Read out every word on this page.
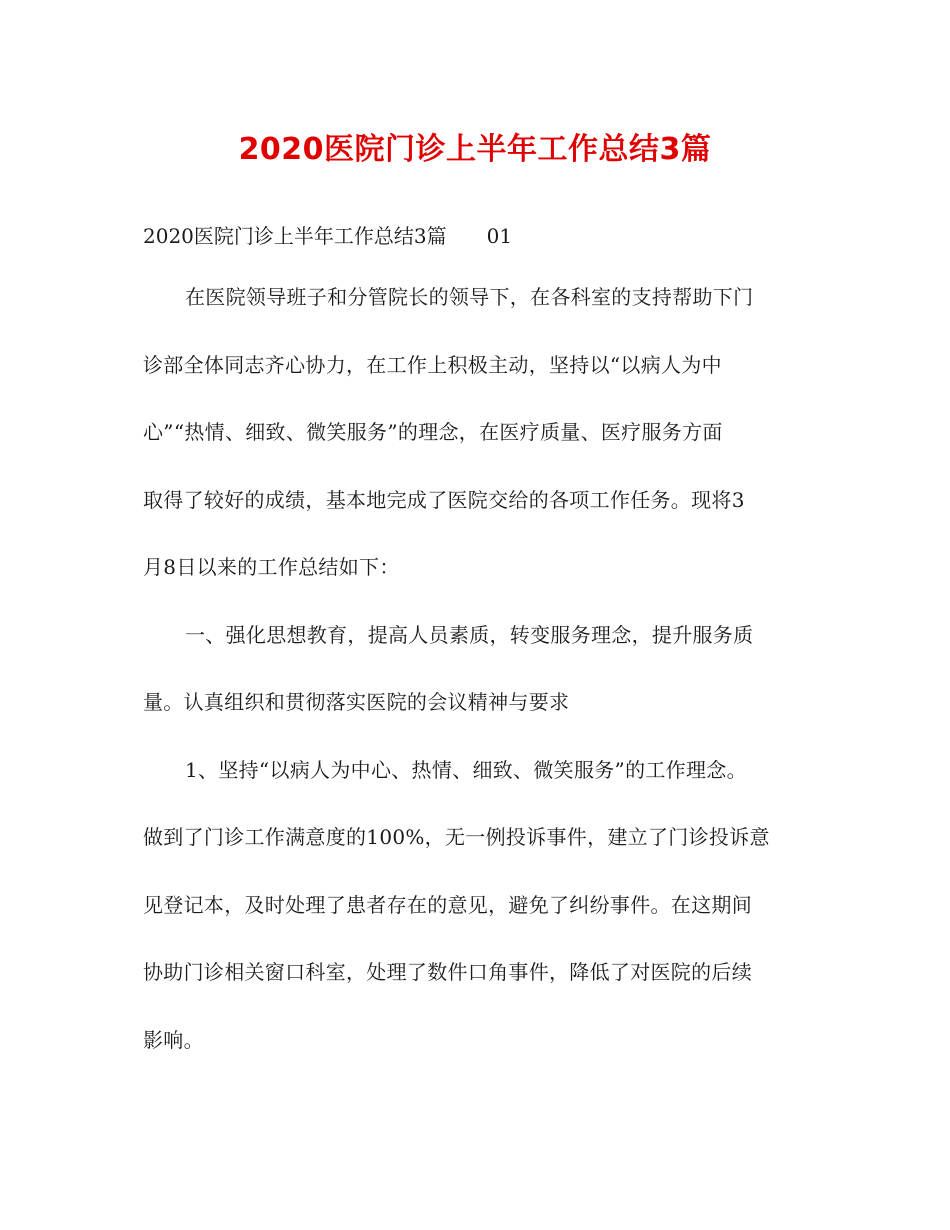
2020医院门诊上半年工作总结3篇

2020医院门诊上半年工作总结3篇　　01

在医院领导班子和分管院长的领导下，在各科室的支持帮助下门
诊部全体同志齐心协力，在工作上积极主动，坚持以“以病人为中
心”“热情、细致、微笑服务”的理念，在医疗质量、医疗服务方面
取得了较好的成绩，基本地完成了医院交给的各项工作任务。现将3
月8日以来的工作总结如下：
一、强化思想教育，提高人员素质，转变服务理念，提升服务质
量。认真组织和贯彻落实医院的会议精神与要求
1、坚持“以病人为中心、热情、细致、微笑服务”的工作理念。
做到了门诊工作满意度的100%，无一例投诉事件，建立了门诊投诉意
见登记本，及时处理了患者存在的意见，避免了纠纷事件。在这期间
协助门诊相关窗口科室，处理了数件口角事件，降低了对医院的后续
影响。
